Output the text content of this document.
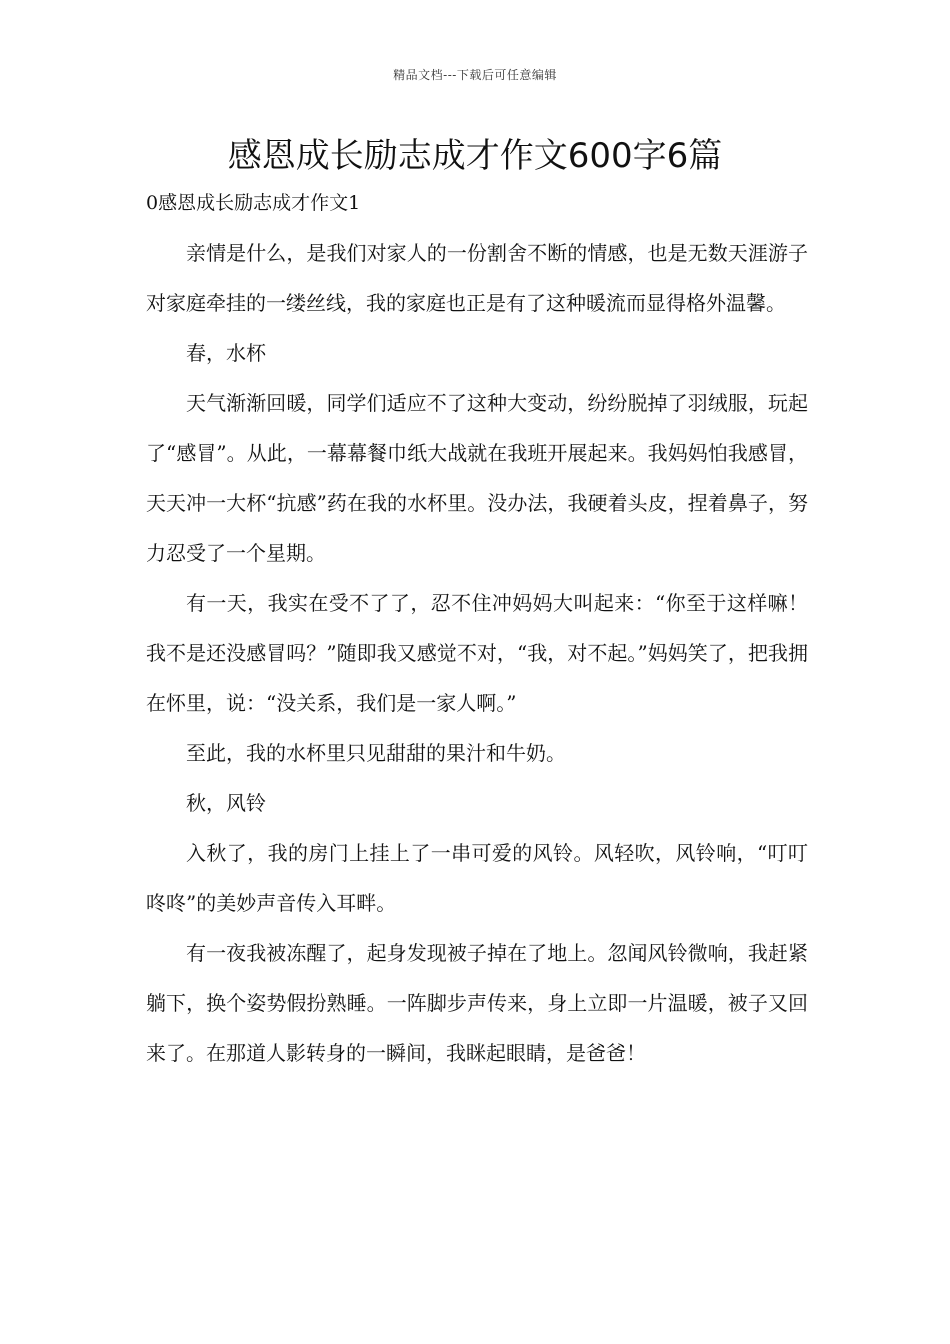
精品文档---下载后可任意编辑
感恩成长励志成才作文600字6篇

0感恩成长励志成才作文1

亲情是什么，是我们对家人的一份割舍不断的情感，也是无数天涯游子对家庭牵挂的一缕丝线，我的家庭也正是有了这种暖流而显得格外温馨。

春，水杯

天气渐渐回暖，同学们适应不了这种大变动，纷纷脱掉了羽绒服，玩起了“感冒”。从此，一幕幕餐巾纸大战就在我班开展起来。我妈妈怕我感冒，天天冲一大杯“抗感”药在我的水杯里。没办法，我硬着头皮，捏着鼻子，努力忍受了一个星期。

有一天，我实在受不了了，忍不住冲妈妈大叫起来：“你至于这样嘛！我不是还没感冒吗？”随即我又感觉不对，“我，对不起。”妈妈笑了，把我拥在怀里，说：“没关系，我们是一家人啊。”

至此，我的水杯里只见甜甜的果汁和牛奶。

秋，风铃

入秋了，我的房门上挂上了一串可爱的风铃。风轻吹，风铃响，“叮叮咚咚”的美妙声音传入耳畔。

有一夜我被冻醒了，起身发现被子掉在了地上。忽闻风铃微响，我赶紧躺下，换个姿势假扮熟睡。一阵脚步声传来，身上立即一片温暖，被子又回来了。在那道人影转身的一瞬间，我眯起眼睛，是爸爸！
